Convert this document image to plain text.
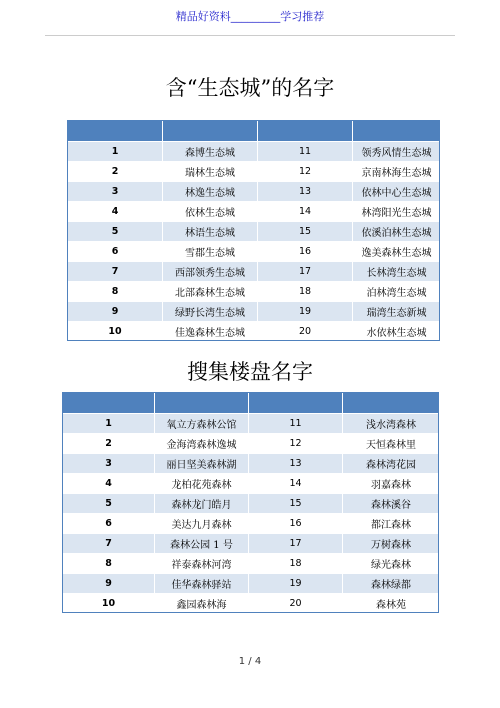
精品好资料_________学习推荐
含“生态城”的名字

1	森博生态城	11	领秀风情生态城
2	瑞林生态城	12	京南林海生态城
3	林逸生态城	13	依林中心生态城
4	依林生态城	14	林湾阳光生态城
5	林语生态城	15	依溪泊林生态城
6	雪郡生态城	16	逸美森林生态城
7	西部领秀生态城	17	长林湾生态城
8	北部森林生态城	18	泊林湾生态城
9	绿野长湾生态城	19	瑞湾生态新城
10	佳逸森林生态城	20	水依林生态城
搜集楼盘名字

1	氧立方森林公馆	11	浅水湾森林
2	金海湾森林逸城	12	天恒森林里
3	丽日坚美森林湖	13	森林湾花园
4	龙柏花苑森林	14	羽嘉森林
5	森林龙门皓月	15	森林溪谷
6	美达九月森林	16	都江森林
7	森林公园 1 号	17	万树森林
8	祥泰森林河湾	18	绿光森林
9	佳华森林驿站	19	森林绿都
10	鑫园森林海	20	森林苑
1 / 4
